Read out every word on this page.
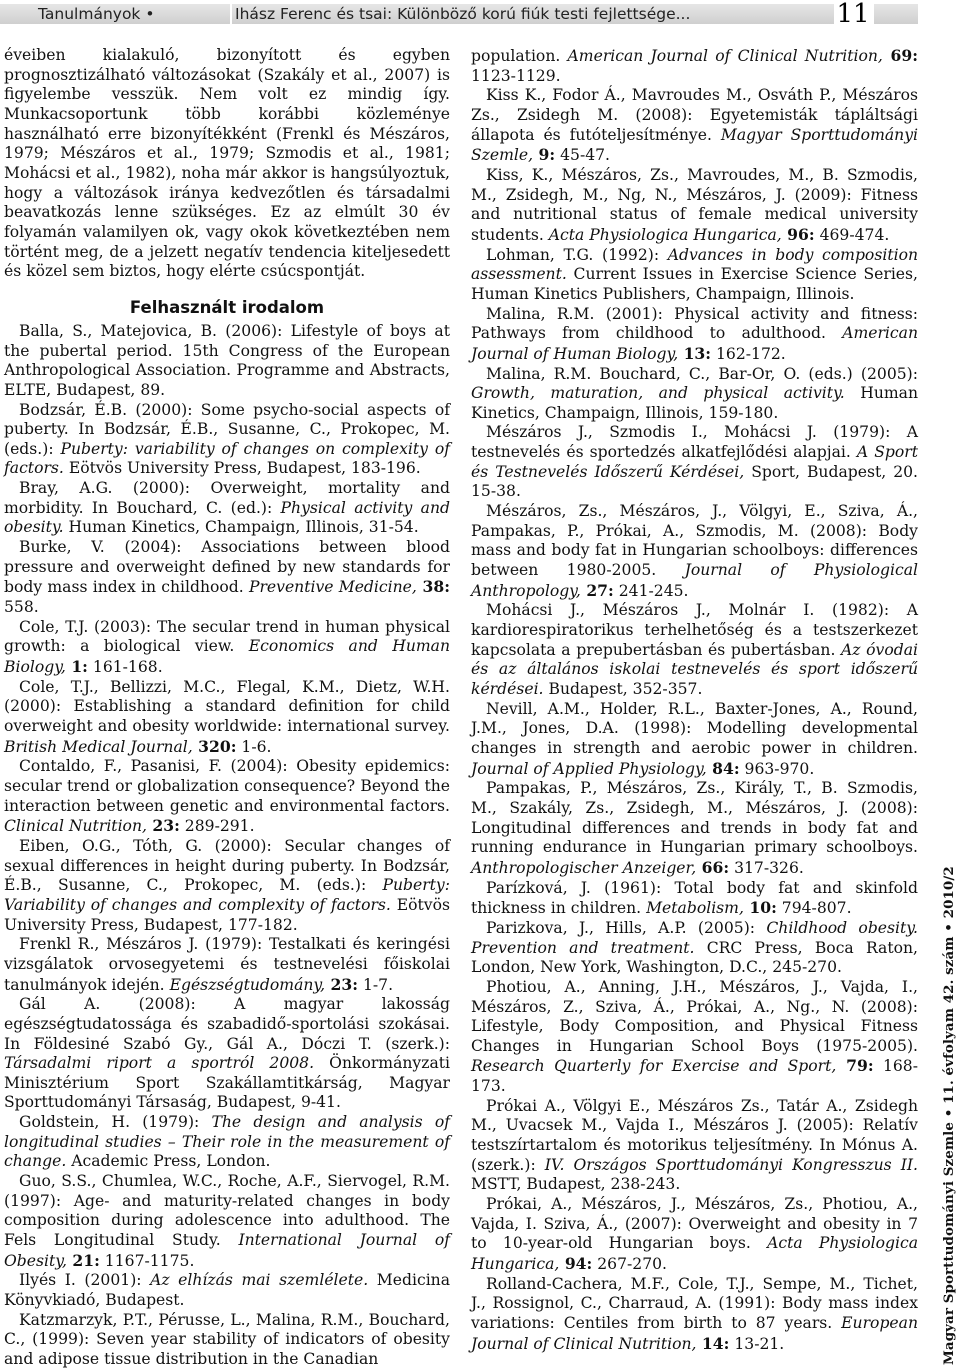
Tanulmányok •	Ihász Ferenc és tsai: Különböző korú fiúk testi fejlettsége...	11

éveiben kialakuló, bizonyított és egyben prognosztizálható változásokat (Szakály et al., 2007) is figyelembe vesszük. Nem volt ez mindig így. Munkacsoportunk több korábbi közleménye használható erre bizonyítékként (Frenkl és Mészáros, 1979; Mészáros et al., 1979; Szmodis et al., 1981; Mohácsi et al., 1982), noha már akkor is hangsúlyoztuk, hogy a változások iránya kedvezőtlen és társadalmi beavatkozás lenne szükséges. Ez az elmúlt 30 év folyamán valamilyen ok, vagy okok következtében nem történt meg, de a jelzett negatív tendencia kiteljesedett és közel sem biztos, hogy elérte csúcspontját.

Felhasznált irodalom

Balla, S., Matejovica, B. (2006): Lifestyle of boys at the pubertal period. 15th Congress of the European Anthropological Association. Programme and Abstracts, ELTE, Budapest, 89.

Bodzsár, É.B. (2000): Some psycho-social aspects of puberty. In Bodzsár, É.B., Susanne, C., Prokopec, M. (eds.): Puberty: variability of changes on complexity of factors. Eötvös University Press, Budapest, 183-196.

Bray, A.G. (2000): Overweight, mortality and morbidity. In Bouchard, C. (ed.): Physical activity and obesity. Human Kinetics, Champaign, Illinois, 31-54.

Burke, V. (2004): Associations between blood pressure and overweight defined by new standards for body mass index in childhood. Preventive Medicine, 38: 558.

Cole, T.J. (2003): The secular trend in human physical growth: a biological view. Economics and Human Biology, 1: 161-168.

Cole, T.J., Bellizzi, M.C., Flegal, K.M., Dietz, W.H. (2000): Establishing a standard definition for child overweight and obesity worldwide: international survey. British Medical Journal, 320: 1-6.

Contaldo, F., Pasanisi, F. (2004): Obesity epidemics: secular trend or globalization consequence? Beyond the interaction between genetic and environmental factors. Clinical Nutrition, 23: 289-291.

Eiben, O.G., Tóth, G. (2000): Secular changes of sexual differences in height during puberty. In Bodzsár, É.B., Susanne, C., Prokopec, M. (eds.): Puberty: Variability of changes and complexity of factors. Eötvös University Press, Budapest, 177-182.

Frenkl R., Mészáros J. (1979): Testalkati és keringési vizsgálatok orvosegyetemi és testnevelési főiskolai tanulmányok idején. Egészségtudomány, 23: 1-7.

Gál A. (2008): A magyar lakosság egészségtudatossága és szabadidő-sportolási szokásai. In Földesiné Szabó Gy., Gál A., Dóczi T. (szerk.): Társadalmi riport a sportról 2008. Önkormányzati Minisztérium Sport Szakállamtitkárság, Magyar Sporttudományi Társaság, Budapest, 9-41.

Goldstein, H. (1979): The design and analysis of longitudinal studies – Their role in the measurement of change. Academic Press, London.

Guo, S.S., Chumlea, W.C., Roche, A.F., Siervogel, R.M. (1997): Age- and maturity-related changes in body composition during adolescence into adulthood. The Fels Longitudinal Study. International Journal of Obesity, 21: 1167-1175.

Ilyés I. (2001): Az elhízás mai szemlélete. Medicina Könyvkiadó, Budapest.

Katzmarzyk, P.T., Pérusse, L., Malina, R.M., Bouchard, C., (1999): Seven year stability of indicators of obesity and adipose tissue distribution in the Canadian

population. American Journal of Clinical Nutrition, 69: 1123-1129.

Kiss K., Fodor Á., Mavroudes M., Osváth P., Mészáros Zs., Zsidegh M. (2008): Egyetemisták tápláltsági állapota és futóteljesítménye. Magyar Sporttudományi Szemle, 9: 45-47.

Kiss, K., Mészáros, Zs., Mavroudes, M., B. Szmodis, M., Zsidegh, M., Ng, N., Mészáros, J. (2009): Fitness and nutritional status of female medical university students. Acta Physiologica Hungarica, 96: 469-474.

Lohman, T.G. (1992): Advances in body composition assessment. Current Issues in Exercise Science Series, Human Kinetics Publishers, Champaign, Illinois.

Malina, R.M. (2001): Physical activity and fitness: Pathways from childhood to adulthood. American Journal of Human Biology, 13: 162-172.

Malina, R.M. Bouchard, C., Bar-Or, O. (eds.) (2005): Growth, maturation, and physical activity. Human Kinetics, Champaign, Illinois, 159-180.

Mészáros J., Szmodis I., Mohácsi J. (1979): A testnevelés és sportedzés alkatfejlődési alapjai. A Sport és Testnevelés Időszerű Kérdései, Sport, Budapest, 20. 15-38.

Mészáros, Zs., Mészáros, J., Völgyi, E., Sziva, Á., Pampakas, P., Prókai, A., Szmodis, M. (2008): Body mass and body fat in Hungarian schoolboys: differences between 1980-2005. Journal of Physiological Anthropology, 27: 241-245.

Mohácsi J., Mészáros J., Molnár I. (1982): A kardiorespiratorikus terhelhetőség és a testszerkezet kapcsolata a prepubertásban és pubertásban. Az óvodai és az általános iskolai testnevelés és sport időszerű kérdései. Budapest, 352-357.

Nevill, A.M., Holder, R.L., Baxter-Jones, A., Round, J.M., Jones, D.A. (1998): Modelling developmental changes in strength and aerobic power in children. Journal of Applied Physiology, 84: 963-970.

Pampakas, P., Mészáros, Zs., Király, T., B. Szmodis, M., Szakály, Zs., Zsidegh, M., Mészáros, J. (2008): Longitudinal differences and trends in body fat and running endurance in Hungarian primary schoolboys. Anthropologischer Anzeiger, 66: 317-326.

Parízková, J. (1961): Total body fat and skinfold thickness in children. Metabolism, 10: 794-807.

Parizkova, J., Hills, A.P. (2005): Childhood obesity. Prevention and treatment. CRC Press, Boca Raton, London, New York, Washington, D.C., 245-270.

Photiou, A., Anning, J.H., Mészáros, J., Vajda, I., Mészáros, Z., Sziva, Á., Prókai, A., Ng., N. (2008): Lifestyle, Body Composition, and Physical Fitness Changes in Hungarian School Boys (1975-2005). Research Quarterly for Exercise and Sport, 79: 168-173.

Prókai A., Völgyi E., Mészáros Zs., Tatár A., Zsidegh M., Uvacsek M., Vajda I., Mészáros J. (2005): Relatív testszírtartalom és motorikus teljesítmény. In Mónus A. (szerk.): IV. Országos Sporttudományi Kongresszus II. MSTT, Budapest, 238-243.

Prókai, A., Mészáros, J., Mészáros, Zs., Photiou, A., Vajda, I. Sziva, Á., (2007): Overweight and obesity in 7 to 10-year-old Hungarian boys. Acta Physiologica Hungarica, 94: 267-270.

Rolland-Cachera, M.F., Cole, T.J., Sempe, M., Tichet, J., Rossignol, C., Charraud, A. (1991): Body mass index variations: Centiles from birth to 87 years. European Journal of Clinical Nutrition, 14: 13-21.	Magyar Sporttudományi Szemle • 11. évfolyam 42. szám • 2010/2
